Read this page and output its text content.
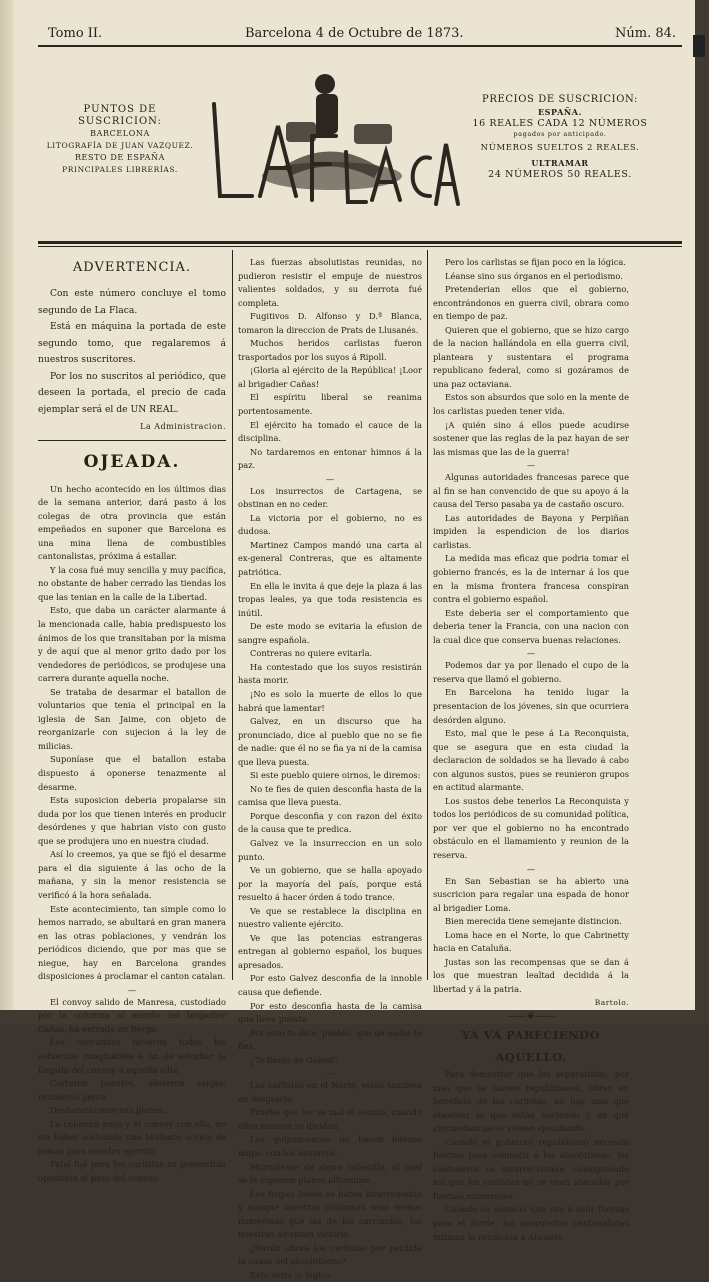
Tomo II.	Barcelona 4 de Octubre de 1873.	Núm. 84.
PUNTOS DE SUSCRICION:
BARCELONA
LITOGRAFÍA DE JUAN VAZQUEZ.
RESTO DE ESPAÑA
PRINCIPALES LIBRERÍAS.
PRECIOS DE SUSCRICION:
ESPAÑA.
16 REALES CADA 12 NÚMEROS
pagados por anticipado.
NÚMEROS SUELTOS 2 REALES.
ULTRAMAR
24 NÚMEROS 50 REALES.
ADVERTENCIA.

Con este número concluye el tomo segundo de La Flaca.

Está en máquina la portada de este segundo tomo, que regalaremos á nuestros suscritores.

Por los no suscritos al periódico, que deseen la portada, el precio de cada ejemplar será el de UN REAL.

La Administracion.

OJEADA.

Un hecho acontecido en los últimos dias de la semana anterior, dará pasto á los colegas de otra provincia que están empeñados en suponer que Barcelona es una mina llena de combustibles cantonalistas, próxima á estallar.

Y la cosa fué muy sencilla y muy pacífica, no obstante de haber cerrado las tiendas los que las tenian en la calle de la Libertad.

Esto, que daba un carácter alarmante á la mencionada calle, habia predispuesto los ánimos de los que transitaban por la misma y de aquí que al menor grito dado por los vendedores de periódicos, se produjese una carrera durante aquella noche.

Se trataba de desarmar el batallon de voluntarios que tenia el principal en la iglesia de San Jaime, con objeto de reorganizarle con sujecion á la ley de milicias.

Suponíase que el batallon estaba dispuesto á oponerse tenazmente al desarme.

Esta suposicion deberia propalarse sin duda por los que tienen interés en producir desórdenes y que habrian visto con gusto que se produjera uno en nuestra ciudad.

Así lo creemos, ya que se fijó el desarme para el dia siguiente á las ocho de la mañana, y sin la menor resistencia se verificó á la hora señalada.

Este acontecimiento, tan simple como lo hemos narrado, se abultará en gran manera en las otras poblaciones, y vendrán los periódicos diciendo, que por mas que se niegue, hay en Barcelona grandes disposiciones á proclamar el canton catalan.

—

El convoy salido de Manresa, custodiado por la columna al mando del brigadier Cañas, ha entrado en Berga.

Los carcundas hicieron todos los esfuerzos imaginables á fin de estorbar la llegada del convoy á aquella villa.

Cortaron puentes, abrieron zanjas, reunieron gente.

Desbaratáronse sus planes.

La columna pasó y el convoy con ella, no sin haber sostenido una brillante accion de armas para nuestro ejército.

Fatal fué para los carlistas su pretendida oposicion al paso del convoy.

Las fuerzas absolutistas reunidas, no pudieron resistir el empuje de nuestros valientes soldados, y su derrota fué completa.

Fugitivos D. Alfonso y D.ª Blanca, tomaron la direccion de Prats de Llusanés.

Muchos heridos carlistas fueron trasportados por los suyos á Ripoll.

¡Gloria al ejército de la República! ¡Loor al brigadier Cañas!

El espíritu liberal se reanima portentosamente.

El ejército ha tomado el cauce de la disciplina.

No tardaremos en entonar himnos á la paz.

—

Los insurrectos de Cartagena, se obstinan en no ceder.

La victoria por el gobierno, no es dudosa.

Martinez Campos mandó una carta al ex-general Contreras, que es altamente patriótica.

En ella le invita á que deje la plaza á las tropas leales, ya que toda resistencia es inútil.

De este modo se evitaria la efusion de sangre española.

Contreras no quiere evitarla.

Ha contestado que los suyos resistirán hasta morir.

¡No es solo la muerte de ellos lo que habrá que lamentar!

Galvez, en un discurso que ha pronunciado, dice al pueblo que no se fie de nadie: que él no se fia ya ni de la camisa que lleva puesta.

Si este pueblo quiere oirnos, le diremos:

No te fies de quien desconfia hasta de la camisa que lleva puesta.

Porque desconfia y con razon del éxito de la causa que te predica.

Galvez ve la insurreccion en un solo punto.

Ve un gobierno, que se halla apoyado por la mayoría del país, porque está resuelto á hacer órden á todo trance.

Ve que se restablece la disciplina en nuestro valiente ejército.

Ve que las potencias estrangeras entregan al gobierno español, los buques apresados.

Por esto Galvez desconfia de la innoble causa que defiende.

Por esto desconfia hasta de la camisa que lleva puesta.

Por esto te dice, pueblo, que de nadie te fies.

¿Te fiarás de Galvez?

—

Los carlistas en el Norte, están tambien en desgracia.

Prueba que les va mal el asunto, cuando ellos mismos se dividen.

Los guipuzcoanos no hacen buenas migas con los navarros.

Murmúrase de algun cabecilla, al cual se le suponen planes alfonsinos.

Las tropas leales se baten bizarramente y aunque nuestras columnas sean menos numerosas que las de los carcundas, las nuestras alcanzan victoria.

¿Darán ahora los carlistas por perdida la causa del absolutismo?

Esto seria lo lógico.

Pero los carlistas se fijan poco en la lógica.

Léanse sino sus órganos en el periodismo.

Pretenderian ellos que el gobierno, encontrándonos en guerra civil, obrara como en tiempo de paz.

Quieren que el gobierno, que se hizo cargo de la nacion hallándola en ella guerra civil, planteara y sustentara el programa republicano federal, como si gozáramos de una paz octaviana.

Estos son absurdos que solo en la mente de los carlistas pueden tener vida.

¡A quién sino á ellos puede acudirse sostener que las reglas de la paz hayan de ser las mismas que las de la guerra!

—

Algunas autoridades francesas parece que al fin se han convencido de que su apoyo á la causa del Terso pasaba ya de castaño oscuro.

Las autoridades de Bayona y Perpiñan impiden la espendicion de los diarios carlistas.

La medida mas eficaz que podria tomar el gobierno francés, es la de internar á los que en la misma frontera francesa conspiran contra el gobierno español.

Este deberia ser el comportamiento que deberia tener la Francia, con una nacion con la cual dice que conserva buenas relaciones.

—

Podemos dar ya por llenado el cupo de la reserva que llamó el gobierno.

En Barcelona ha tenido lugar la presentacion de los jóvenes, sin que ocurriera desórden alguno.

Esto, mal que le pese á La Reconquista, que se asegura que en esta ciudad la declaracion de soldados se ha llevado á cabo con algunos sustos, pues se reunieron grupos en actitud alarmante.

Los sustos debe tenerlos La Reconquista y todos los periódicos de su comunidad política, por ver que el gobierno no ha encontrado obstáculo en el llamamiento y reunion de la reserva.

—

En San Sebastian se ha abierto una suscricion para regalar una espada de honor al brigadier Loma.

Bien merecida tiene semejante distincion.

Loma hace en el Norte, lo que Cabrinetty hacia en Cataluña.

Justas son las recompensas que se dan á los que muestran lealtad decidida á la libertad y á la patria.

Bartolo.

——❦——
YA VA PARECIENDO AQUELLO.

Para demostrar que los separatistas, por mas que se llamen republicanos, obran en beneficio de los carlistas, no hay mas que observar lo que están haciendo y en qué circunstancias lo vienen ejecutando.

Cuando el gobierno republicano necesita fuerzas para combatir á los absolutistas, los cantoneros se insurreccionan, consiguiendo así que los carlistas no se vean atacados por fuerzas numerosas.

Cuando se anuncia que van á salir fuerzas para el Norte, los insurrectos cantonalistas intiman la rendicion á Alicante.
